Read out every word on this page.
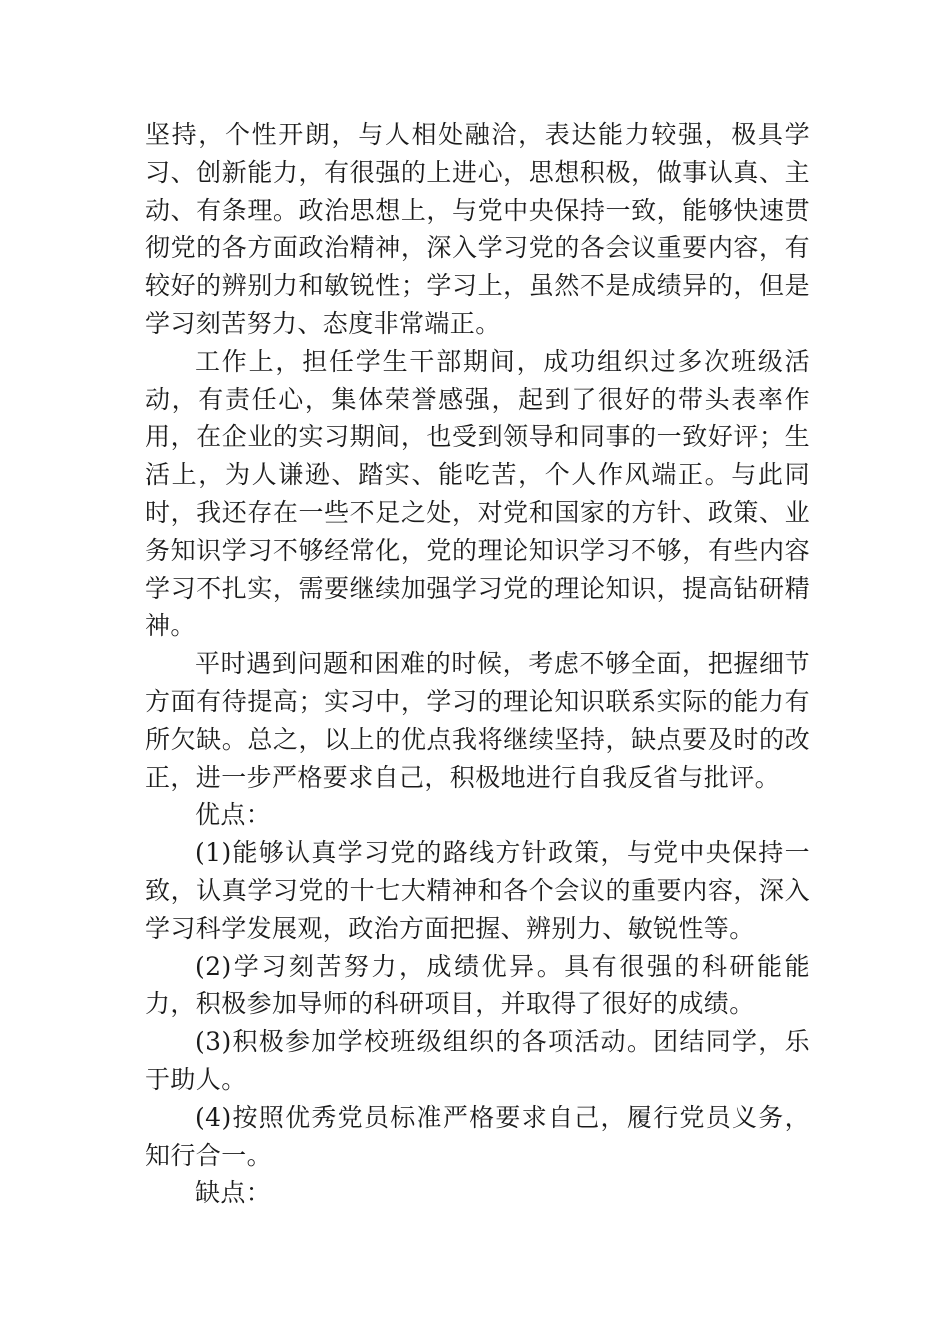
坚持，个性开朗，与人相处融洽，表达能力较强，极具学习、创新能力，有很强的上进心，思想积极，做事认真、主动、有条理。政治思想上，与党中央保持一致，能够快速贯彻党的各方面政治精神，深入学习党的各会议重要内容，有较好的辨别力和敏锐性；学习上，虽然不是成绩异的，但是学习刻苦努力、态度非常端正。

工作上，担任学生干部期间，成功组织过多次班级活动，有责任心，集体荣誉感强，起到了很好的带头表率作用，在企业的实习期间，也受到领导和同事的一致好评；生活上，为人谦逊、踏实、能吃苦，个人作风端正。与此同时，我还存在一些不足之处，对党和国家的方针、政策、业务知识学习不够经常化，党的理论知识学习不够，有些内容学习不扎实，需要继续加强学习党的理论知识，提高钻研精神。

平时遇到问题和困难的时候，考虑不够全面，把握细节方面有待提高；实习中，学习的理论知识联系实际的能力有所欠缺。总之，以上的优点我将继续坚持，缺点要及时的改正，进一步严格要求自己，积极地进行自我反省与批评。

优点：

(1)能够认真学习党的路线方针政策，与党中央保持一致，认真学习党的十七大精神和各个会议的重要内容，深入学习科学发展观，政治方面把握、辨别力、敏锐性等。

(2)学习刻苦努力，成绩优异。具有很强的科研能能力，积极参加导师的科研项目，并取得了很好的成绩。

(3)积极参加学校班级组织的各项活动。团结同学，乐于助人。

(4)按照优秀党员标准严格要求自己，履行党员义务，知行合一。

缺点：
